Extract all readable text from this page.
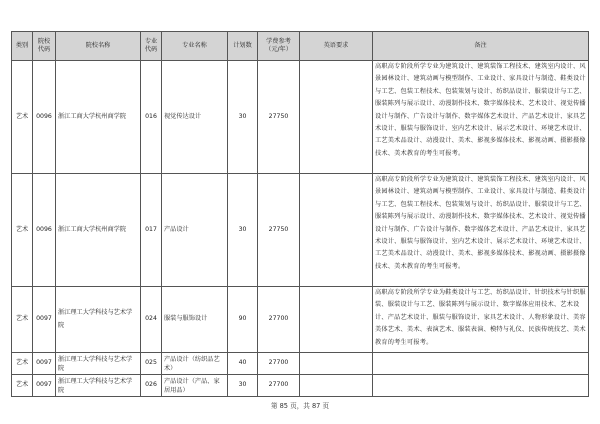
类别	院校代码	院校名称	专业代码	专业名称	计划数	学费参考（元/年）	英语要求	备注
艺术	0096	浙江工商大学杭州商学院	016	视觉传达设计	30	27750		高职高专阶段所学专业为建筑设计、建筑装饰工程技术、建筑室内设计、风景园林设计、建筑动画与模型制作、工业设计、家具设计与制造、鞋类设计与工艺、包装工程技术、包装策划与设计、纺织品设计、服装设计与工艺、服装陈列与展示设计、动漫制作技术、数字媒体技术、艺术设计、视觉传播设计与制作、广告设计与制作、数字媒体艺术设计、产品艺术设计、家具艺术设计、服装与服饰设计、室内艺术设计、展示艺术设计、环境艺术设计、工艺美术品设计、动漫设计、美术、影视多媒体技术、影视动画、摄影摄像技术、美术教育的考生可报考。
艺术	0096	浙江工商大学杭州商学院	017	产品设计	30	27750		高职高专阶段所学专业为建筑设计、建筑装饰工程技术、建筑室内设计、风景园林设计、建筑动画与模型制作、工业设计、家具设计与制造、鞋类设计与工艺、包装工程技术、包装策划与设计、纺织品设计、服装设计与工艺、服装陈列与展示设计、动漫制作技术、数字媒体技术、艺术设计、视觉传播设计与制作、广告设计与制作、数字媒体艺术设计、产品艺术设计、家具艺术设计、服装与服饰设计、室内艺术设计、展示艺术设计、环境艺术设计、工艺美术品设计、动漫设计、美术、影视多媒体技术、影视动画、摄影摄像技术、美术教育的考生可报考。
艺术	0097	浙江理工大学科技与艺术学院	024	服装与服饰设计	90	27700		高职高专阶段所学专业为鞋类设计与工艺、纺织品设计、针织技术与针织服装、服装设计与工艺、服装陈列与展示设计、数字媒体应用技术、艺术设计、产品艺术设计、服装与服饰设计、家具艺术设计、人物形象设计、美容美体艺术、美术、表演艺术、服装表演、模特与礼仪、民族传统技艺、美术教育的考生可报考。
艺术	0097	浙江理工大学科技与艺术学院	025	产品设计（纺织品艺术）	40	27700		
艺术	0097	浙江理工大学科技与艺术学院	026	产品设计（产品、家居用品）	30	27700		
第 85 页，共 87 页
